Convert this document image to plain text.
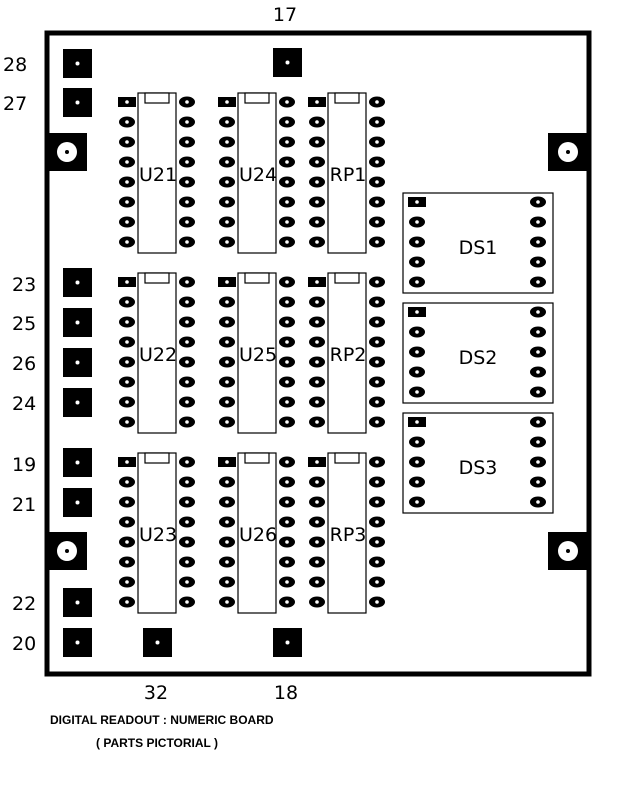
17
28
27
23
25
26
24
19
21
22
20
32	18
U21	U24	RP1
U22	U25	RP2
U23	U26	RP3
DS1
DS2
DS3
DIGITAL READOUT : NUMERIC BOARD
( PARTS PICTORIAL )
